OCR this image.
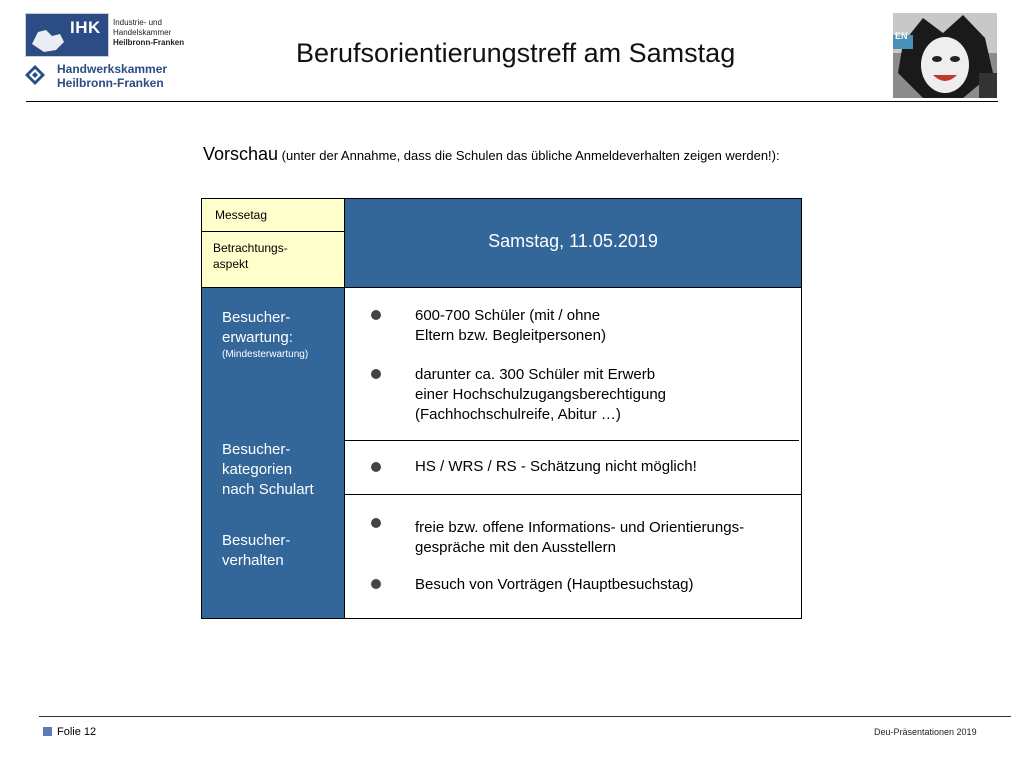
IHK Industrie- und Handelskammer
Heilbronn-Franken
Handwerkskammer
Heilbronn-Franken
Berufsorientierungstreff am Samstag
EN
Vorschau (unter der Annahme, dass die Schulen das übliche Anmeldeverhalten zeigen werden!):
Messetag
Betrachtungs-
aspekt
Samstag, 11.05.2019
Besucher-
erwartung:
(Mindesterwartung)
Besucher-
kategorien
nach Schulart
Besucher-
verhalten
600-700 Schüler (mit / ohne
Eltern bzw. Begleitpersonen)
darunter ca. 300 Schüler mit Erwerb
einer Hochschulzugangsberechtigung
(Fachhochschulreife, Abitur …)
HS / WRS / RS - Schätzung nicht möglich!
freie bzw. offene Informations- und Orientierungs-
gespräche mit den Ausstellern
Besuch von Vorträgen (Hauptbesuchstag)
Folie 12	Deu-Präsentationen 2019
